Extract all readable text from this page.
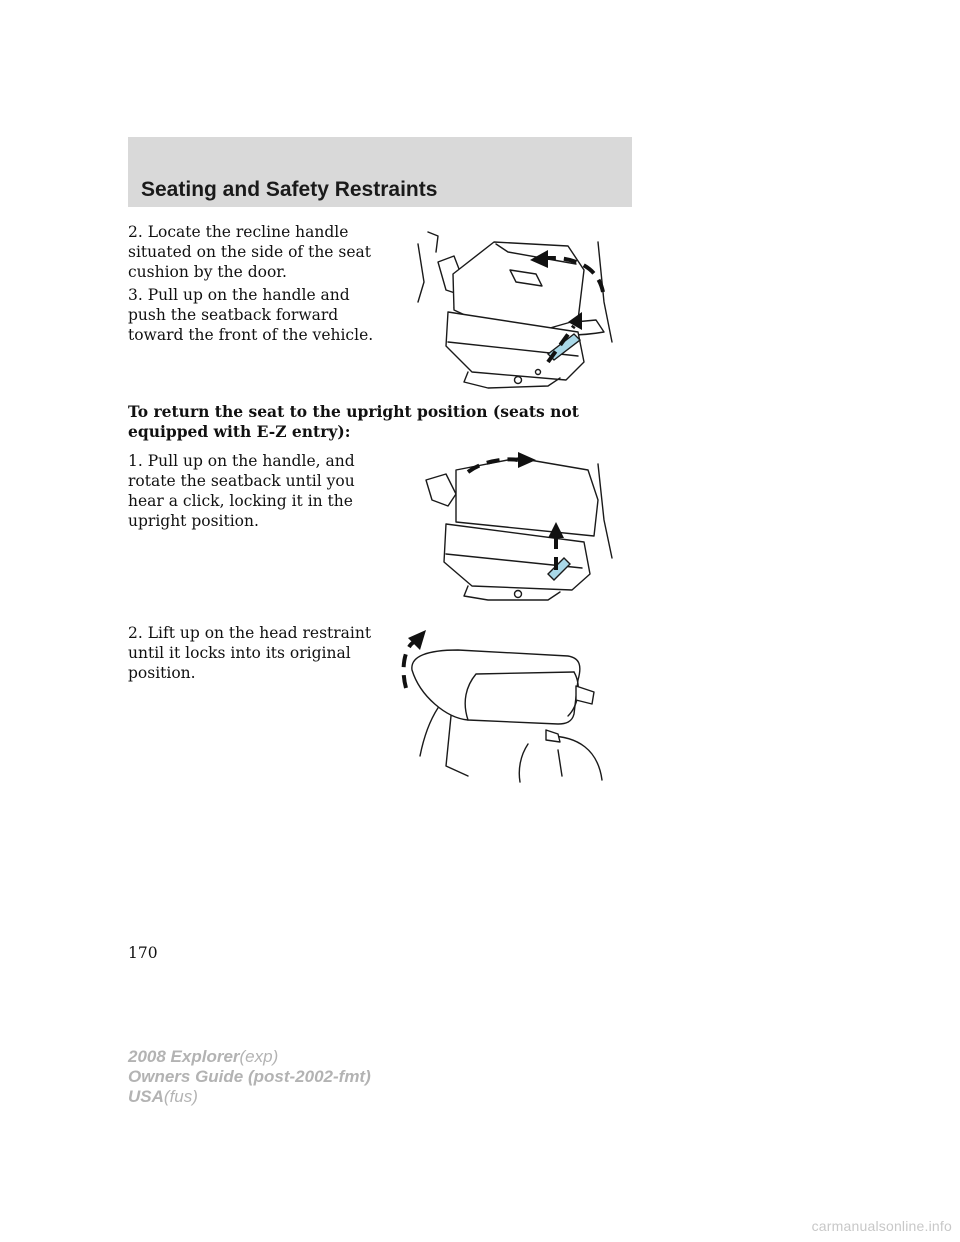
Seating and Safety Restraints
2. Locate the recline handle situated on the side of the seat cushion by the door.
3. Pull up on the handle and push the seatback forward toward the front of the vehicle.
To return the seat to the upright position (seats not equipped with E-Z entry):
1. Pull up on the handle, and rotate the seatback until you hear a click, locking it in the upright position.
2. Lift up on the head restraint until it locks into its original position.
170
2008 Explorer(exp)
Owners Guide (post-2002-fmt)
USA(fus)
carmanualsonline.info
